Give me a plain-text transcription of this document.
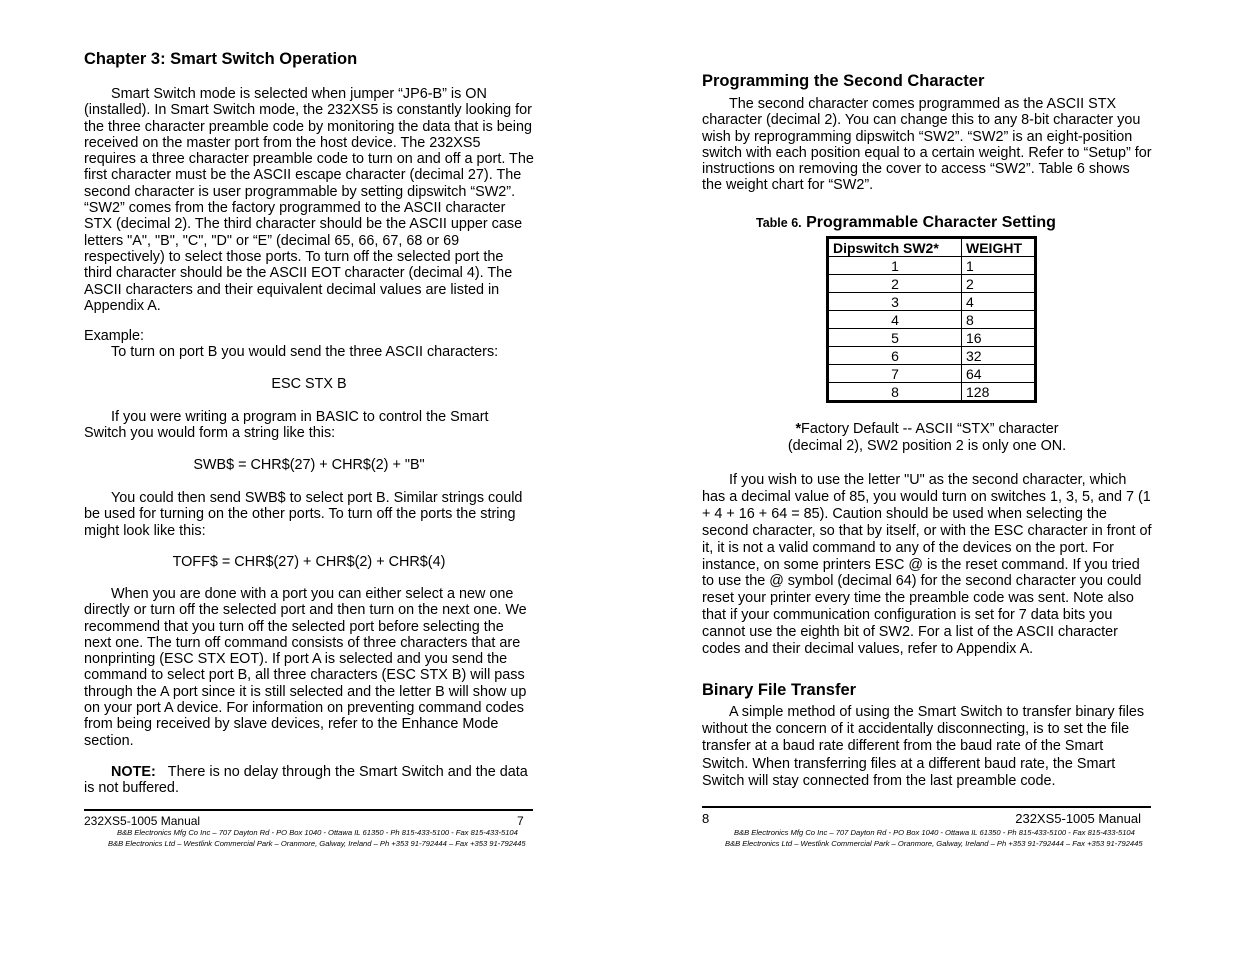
Chapter 3: Smart Switch Operation

Smart Switch mode is selected when jumper “JP6-B” is ON (installed). In Smart Switch mode, the 232XS5 is constantly looking for the three character preamble code by monitoring the data that is being received on the master port from the host device. The 232XS5 requires a three character preamble code to turn on and off a port. The first character must be the ASCII escape character (decimal 27). The second character is user programmable by setting dipswitch “SW2”. “SW2” comes from the factory programmed to the ASCII character STX (decimal 2). The third character should be the ASCII upper case letters "A", "B", "C", "D" or “E” (decimal 65, 66, 67, 68 or 69 respectively) to select those ports. To turn off the selected port the third character should be the ASCII EOT character (decimal 4). The ASCII characters and their equivalent decimal values are listed in Appendix A.

Example:
To turn on port B you would send the three ASCII characters:

ESC STX B

If you were writing a program in BASIC to control the Smart Switch you would form a string like this:

SWB$ = CHR$(27) + CHR$(2) + "B"

You could then send SWB$ to select port B. Similar strings could be used for turning on the other ports. To turn off the ports the string might look like this:

TOFF$ = CHR$(27) + CHR$(2) + CHR$(4)

When you are done with a port you can either select a new one directly or turn off the selected port and then turn on the next one. We recommend that you turn off the selected port before selecting the next one. The turn off command consists of three characters that are nonprinting (ESC STX EOT). If port A is selected and you send the command to select port B, all three characters (ESC STX B) will pass through the A port since it is still selected and the letter B will show up on your port A device. For information on preventing command codes from being received by slave devices, refer to the Enhance Mode section.

NOTE: There is no delay through the Smart Switch and the data is not buffered.

232XS5-1005 Manual	7
B&B Electronics Mfg Co Inc – 707 Dayton Rd - PO Box 1040 - Ottawa IL 61350 - Ph 815-433-5100 - Fax 815-433-5104
B&B Electronics Ltd – Westlink Commercial Park – Oranmore, Galway, Ireland – Ph +353 91-792444 – Fax +353 91-792445
Programming the Second Character

The second character comes programmed as the ASCII STX character (decimal 2). You can change this to any 8-bit character you wish by reprogramming dipswitch “SW2”. “SW2” is an eight-position switch with each position equal to a certain weight. Refer to “Setup” for instructions on removing the cover to access “SW2”. Table 6 shows the weight chart for “SW2”.

Table 6. Programmable Character Setting
Dipswitch SW2*	WEIGHT
1	1
2	2
3	4
4	8
5	16
6	32
7	64
8	128
*Factory Default -- ASCII “STX” character
(decimal 2), SW2 position 2 is only one ON.

If you wish to use the letter "U" as the second character, which has a decimal value of 85, you would turn on switches 1, 3, 5, and 7 (1 + 4 + 16 + 64 = 85). Caution should be used when selecting the second character, so that by itself, or with the ESC character in front of it, it is not a valid command to any of the devices on the port. For instance, on some printers ESC @ is the reset command. If you tried to use the @ symbol (decimal 64) for the second character you could reset your printer every time the preamble code was sent. Note also that if your communication configuration is set for 7 data bits you cannot use the eighth bit of SW2. For a list of the ASCII character codes and their decimal values, refer to Appendix A.

Binary File Transfer

A simple method of using the Smart Switch to transfer binary files without the concern of it accidentally disconnecting, is to set the file transfer at a baud rate different from the baud rate of the Smart Switch. When transferring files at a different baud rate, the Smart Switch will stay connected from the last preamble code.

8	232XS5-1005 Manual
B&B Electronics Mfg Co Inc – 707 Dayton Rd - PO Box 1040 - Ottawa IL 61350 - Ph 815-433-5100 - Fax 815-433-5104
B&B Electronics Ltd – Westlink Commercial Park – Oranmore, Galway, Ireland – Ph +353 91-792444 – Fax +353 91-792445
